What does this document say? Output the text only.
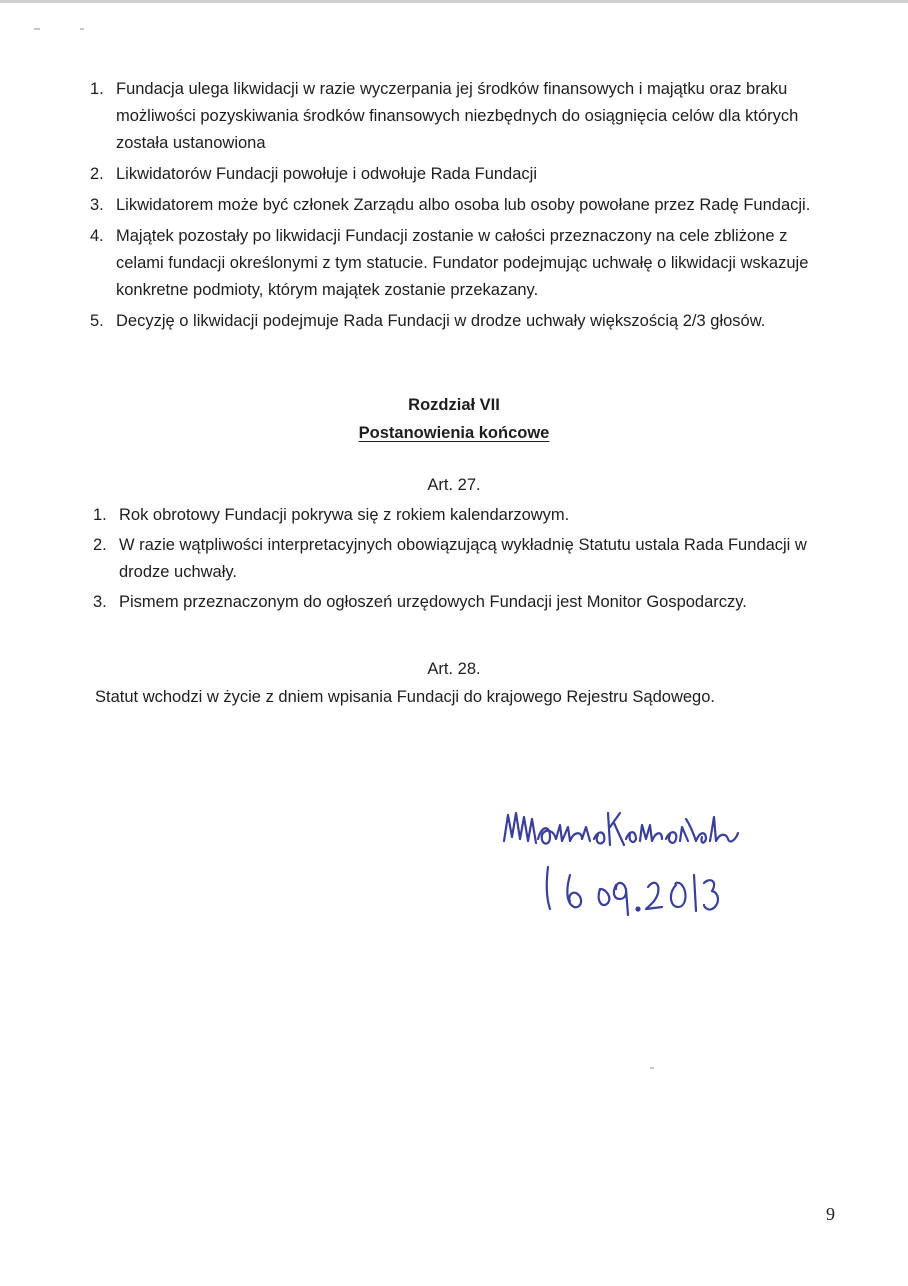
1. Fundacja ulega likwidacji w razie wyczerpania jej środków finansowych i majątku oraz braku możliwości pozyskiwania środków finansowych niezbędnych do osiągnięcia celów dla których została ustanowiona
2. Likwidatorów Fundacji powołuje i odwołuje Rada Fundacji
3. Likwidatorem może być członek Zarządu albo osoba lub osoby powołane przez Radę Fundacji.
4. Majątek pozostały po likwidacji Fundacji zostanie w całości przeznaczony na cele zbliżone z celami fundacji określonymi z tym statucie. Fundator podejmując uchwałę o likwidacji wskazuje konkretne podmioty, którym majątek zostanie przekazany.
5. Decyzję o likwidacji podejmuje Rada Fundacji w drodze uchwały większością 2/3 głosów.
Rozdział VII
Postanowienia końcowe
Art. 27.
1. Rok obrotowy Fundacji pokrywa się z rokiem kalendarzowym.
2. W razie wątpliwości interpretacyjnych obowiązującą wykładnię Statutu ustala Rada Fundacji w drodze uchwały.
3. Pismem przeznaczonym do ogłoszeń urzędowych Fundacji jest Monitor Gospodarczy.
Art. 28.
Statut wchodzi w życie z dniem wpisania Fundacji do krajowego Rejestru Sądowego.
9
